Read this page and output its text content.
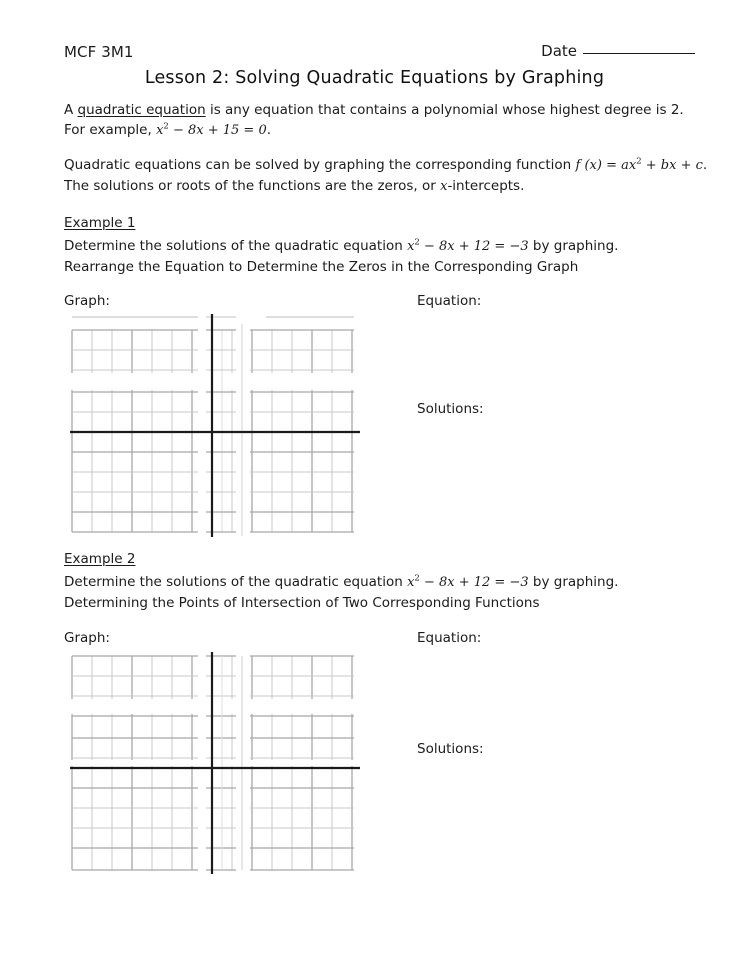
MCF 3M1	Date
Lesson 2: Solving Quadratic Equations by Graphing
A quadratic equation is any equation that contains a polynomial whose highest degree is 2.
For example, $x^2 - 8x + 15 = 0$.
Quadratic equations can be solved by graphing the corresponding function f $(x) = ax^2$ + bx + c.
The solutions or roots of the functions are the zeros, or x-intercepts.
Example 1
Determine the solutions of the quadratic equation $x^2 - 8x + 12 = -3$ by graphing.
Rearrange the Equation to Determine the Zeros in the Corresponding Graph
Graph:	Equation:
Solutions:
Example 2
Determine the solutions of the quadratic equation $x^2 - 8x + 12 = -3$ by graphing.
Determining the Points of Intersection of Two Corresponding Functions
Graph:	Equation:
Solutions:
